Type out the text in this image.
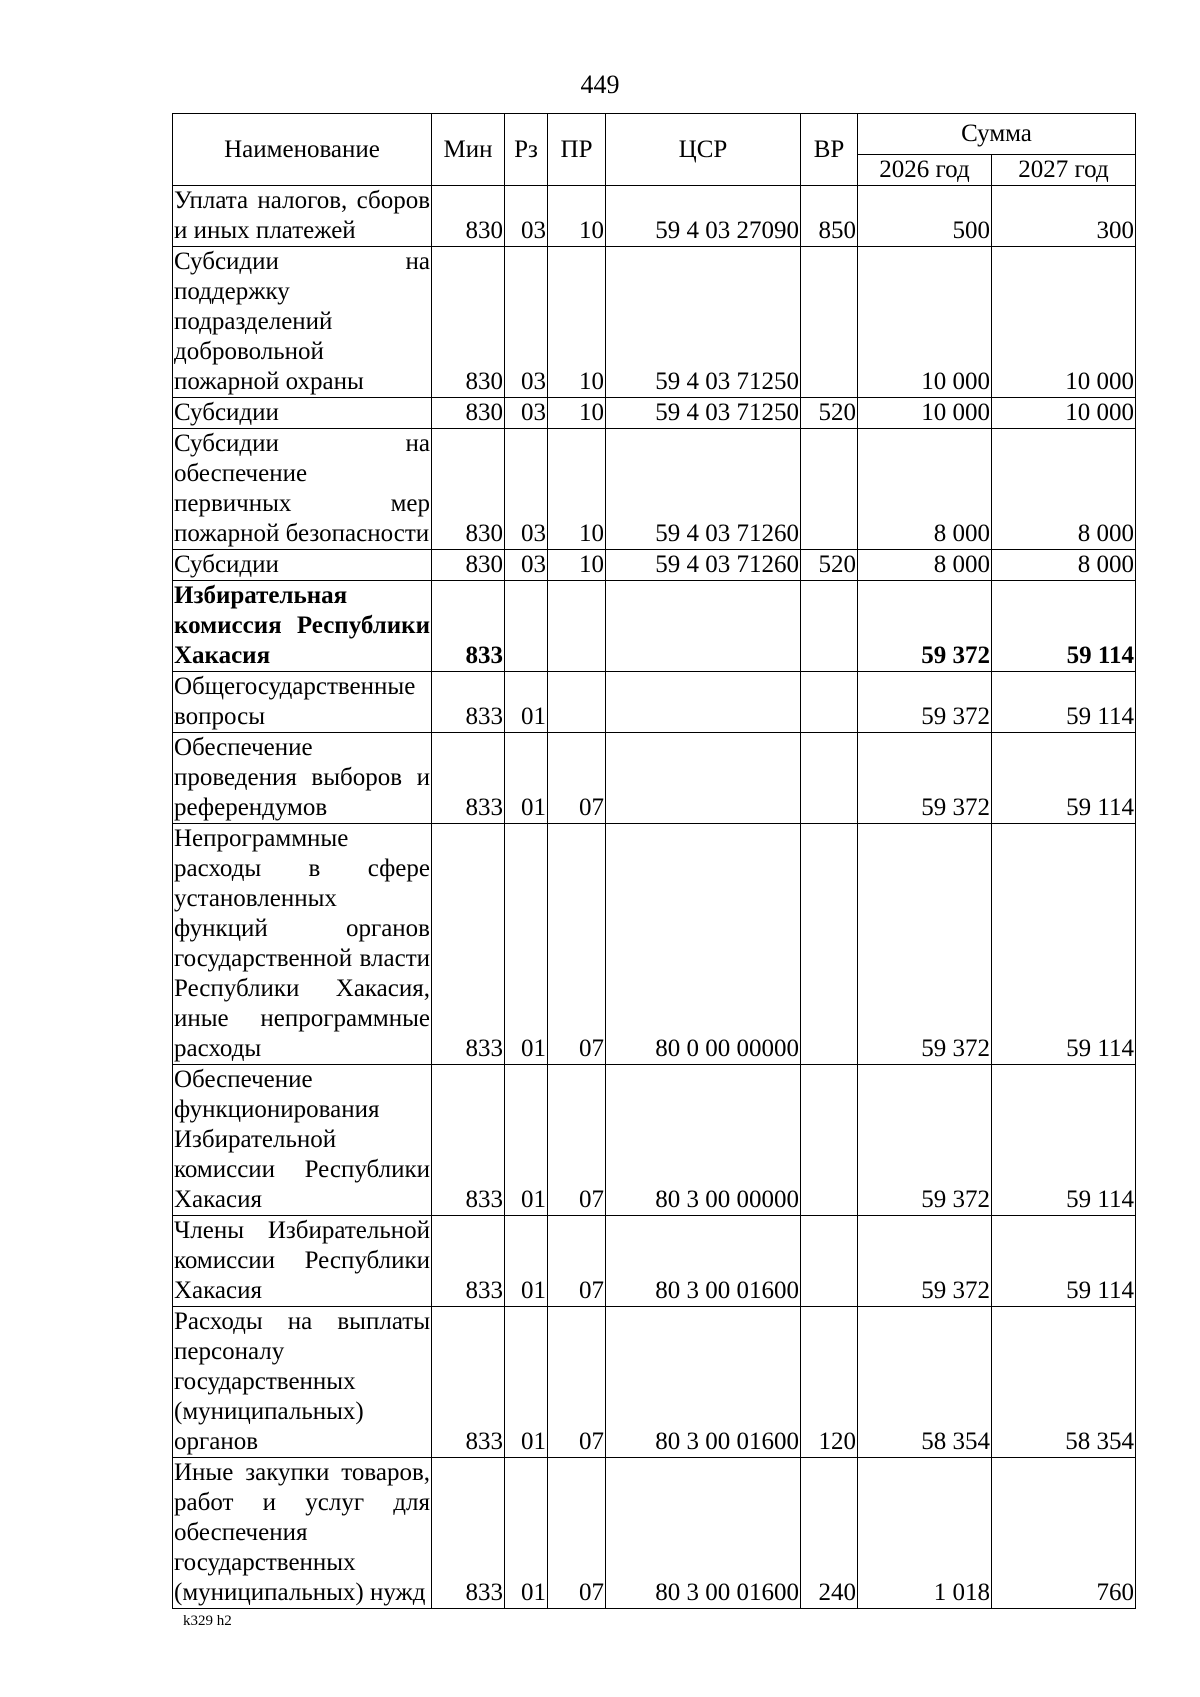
449
Наименование	Мин	Рз	ПР	ЦСР	ВР	Сумма	
						2026 год	2027 год
Уплата налогов, сборов и иных платежей	830	03	10	59 4 03 27090	850	500	300
Субсидии на поддержку подразделений добровольной пожарной охраны	830	03	10	59 4 03 71250		10 000	10 000
Субсидии	830	03	10	59 4 03 71250	520	10 000	10 000
Субсидии на обеспечение первичных мер пожарной безопасности	830	03	10	59 4 03 71260		8 000	8 000
Субсидии	830	03	10	59 4 03 71260	520	8 000	8 000
Избирательная комиссия Республики Хакасия	833					59 372	59 114
Общегосударственные вопросы	833	01				59 372	59 114
Обеспечение проведения выборов и референдумов	833	01	07			59 372	59 114
Непрограммные расходы в сфере установленных функций органов государственной власти Республики Хакасия, иные непрограммные расходы	833	01	07	80 0 00 00000		59 372	59 114
Обеспечение функционирования Избирательной комиссии Республики Хакасия	833	01	07	80 3 00 00000		59 372	59 114
Члены Избирательной комиссии Республики Хакасия	833	01	07	80 3 00 01600		59 372	59 114
Расходы на выплаты персоналу государственных (муниципальных) органов	833	01	07	80 3 00 01600	120	58 354	58 354
Иные закупки товаров, работ и услуг для обеспечения государственных (муниципальных) нужд	833	01	07	80 3 00 01600	240	1 018	760
k329 h2
